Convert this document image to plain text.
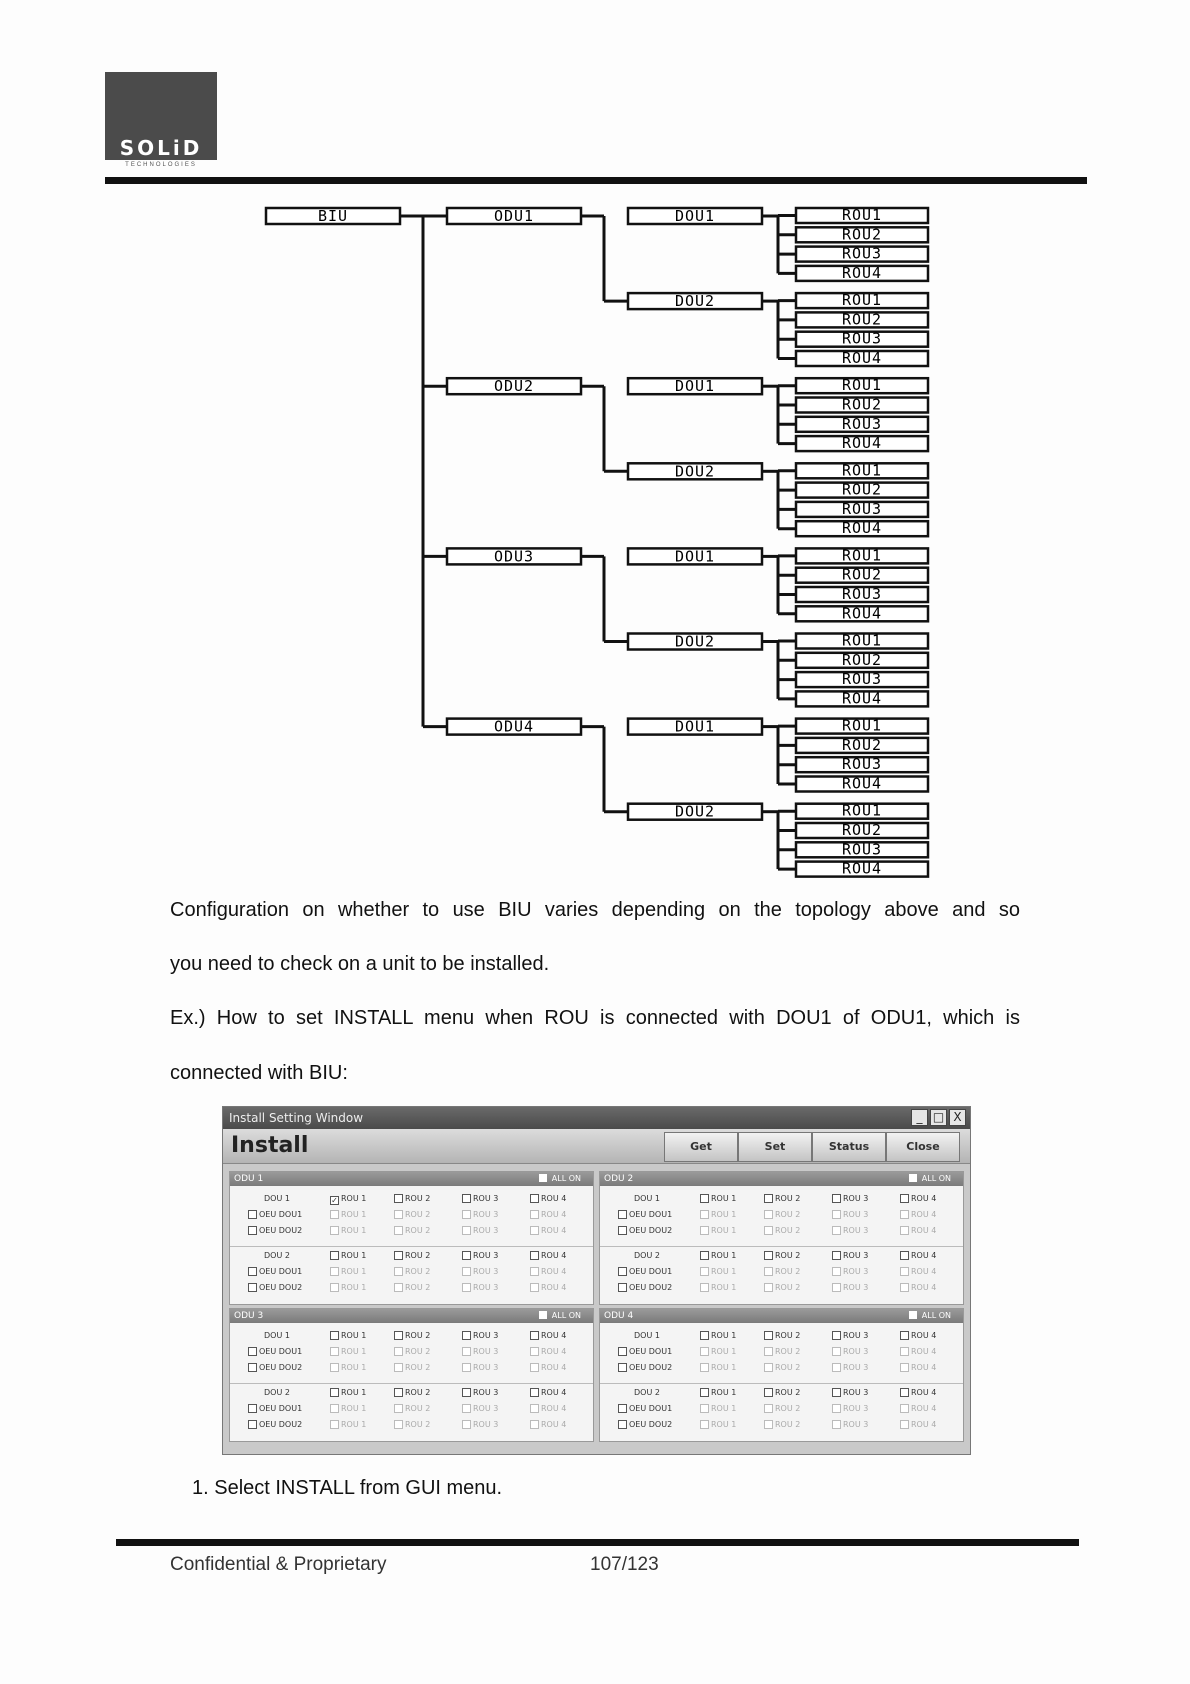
SOLiD
TECHNOLOGIES
BIU	ODU1	DOU1	ROU1
ROU2
ROU3
ROU4
DOU2	ROU1
ROU2
ROU3
ROU4
ODU2	DOU1	ROU1
ROU2
ROU3
ROU4
DOU2	ROU1
ROU2
ROU3
ROU4
ODU3	DOU1	ROU1
ROU2
ROU3
ROU4
DOU2	ROU1
ROU2
ROU3
ROU4
ODU4	DOU1	ROU1
ROU2
ROU3
ROU4
DOU2	ROU1
ROU2
ROU3
ROU4
Configuration on whether to use BIU varies depending on the topology above and so
you need to check on a unit to be installed.
Ex.) How to set INSTALL menu when ROU is connected with DOU1 of ODU1, which is
connected with BIU:
Install Setting Window	_ □ X
Install	Get	Set	Status	Close
ODU 1	ALL ON
DOU 1
✓	ROU 1	ROU 2	ROU 3	ROU 4
OEU DOU1	ROU 1	ROU 2	ROU 3	ROU 4
OEU DOU2	ROU 1	ROU 2	ROU 3	ROU 4
DOU 2	ROU 1	ROU 2	ROU 3	ROU 4
OEU DOU1	ROU 1	ROU 2	ROU 3	ROU 4
OEU DOU2	ROU 1	ROU 2	ROU 3	ROU 4
ODU 2	ALL ON
DOU 1	ROU 1	ROU 2	ROU 3	ROU 4
OEU DOU1	ROU 1	ROU 2	ROU 3	ROU 4
OEU DOU2	ROU 1	ROU 2	ROU 3	ROU 4
DOU 2	ROU 1	ROU 2	ROU 3	ROU 4
OEU DOU1	ROU 1	ROU 2	ROU 3	ROU 4
OEU DOU2	ROU 1	ROU 2	ROU 3	ROU 4
ODU 3	ALL ON
DOU 1	ROU 1	ROU 2	ROU 3	ROU 4
OEU DOU1	ROU 1	ROU 2	ROU 3	ROU 4
OEU DOU2	ROU 1	ROU 2	ROU 3	ROU 4
DOU 2	ROU 1	ROU 2	ROU 3	ROU 4
OEU DOU1	ROU 1	ROU 2	ROU 3	ROU 4
OEU DOU2	ROU 1	ROU 2	ROU 3	ROU 4
ODU 4	ALL ON
DOU 1	ROU 1	ROU 2	ROU 3	ROU 4
OEU DOU1	ROU 1	ROU 2	ROU 3	ROU 4
OEU DOU2	ROU 1	ROU 2	ROU 3	ROU 4
DOU 2	ROU 1	ROU 2	ROU 3	ROU 4
OEU DOU1	ROU 1	ROU 2	ROU 3	ROU 4
OEU DOU2	ROU 1	ROU 2	ROU 3	ROU 4
1. Select INSTALL from GUI menu.
Confidential & Proprietary	107/123
